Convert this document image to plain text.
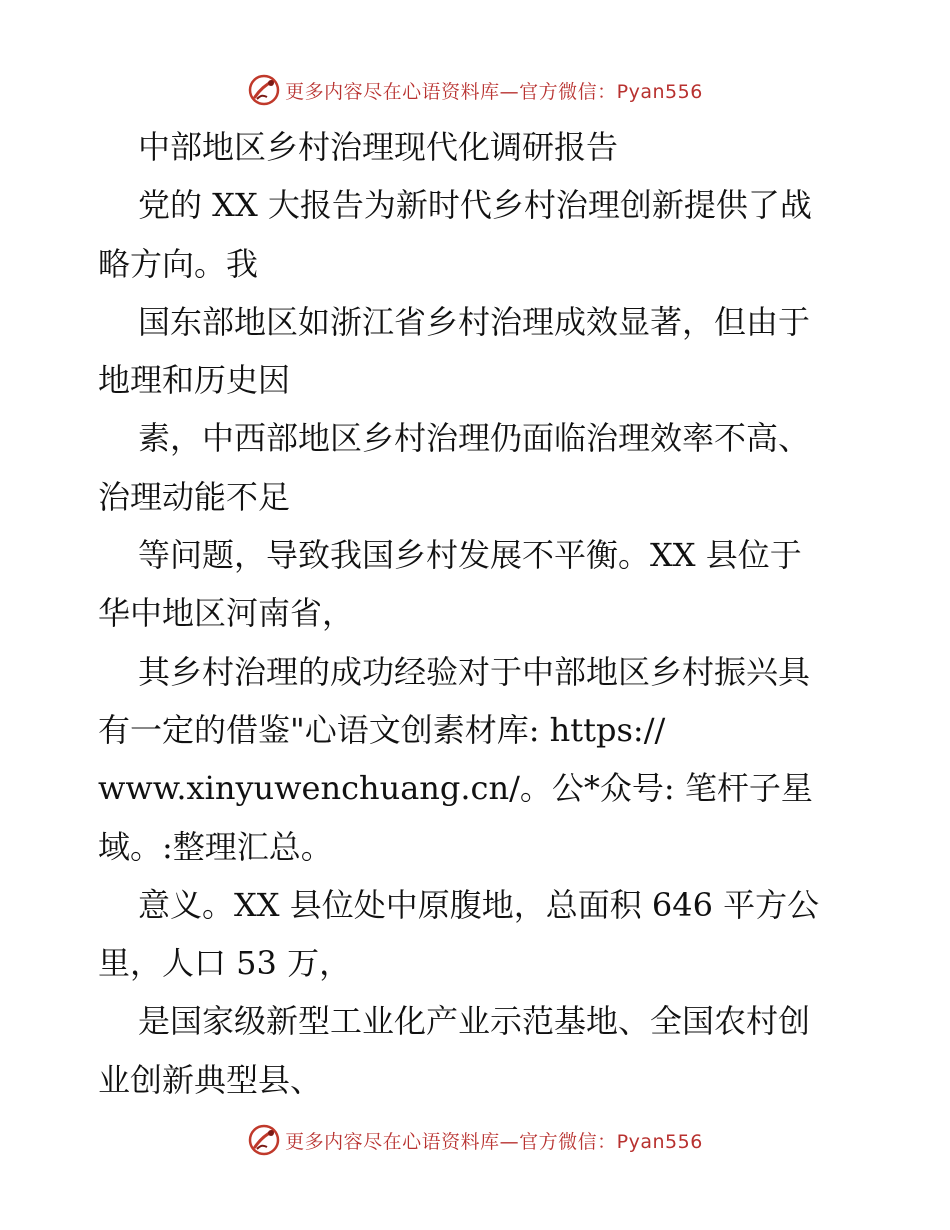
更多内容尽在心语资料库—官方微信：Pyan556
中部地区乡村治理现代化调研报告
党的 XX 大报告为新时代乡村治理创新提供了战
略方向。我
国东部地区如浙江省乡村治理成效显著，但由于
地理和历史因
素，中西部地区乡村治理仍面临治理效率不高、
治理动能不足
等问题，导致我国乡村发展不平衡。XX 县位于
华中地区河南省，
其乡村治理的成功经验对于中部地区乡村振兴具
有一定的借鉴"心语文创素材库: https://
www.xinyuwenchuang.cn/。公*众号: 笔杆子星
域。:整理汇总。
意义。XX 县位处中原腹地，总面积 646 平方公
里，人口 53 万，
是国家级新型工业化产业示范基地、全国农村创
业创新典型县、
更多内容尽在心语资料库—官方微信：Pyan556
